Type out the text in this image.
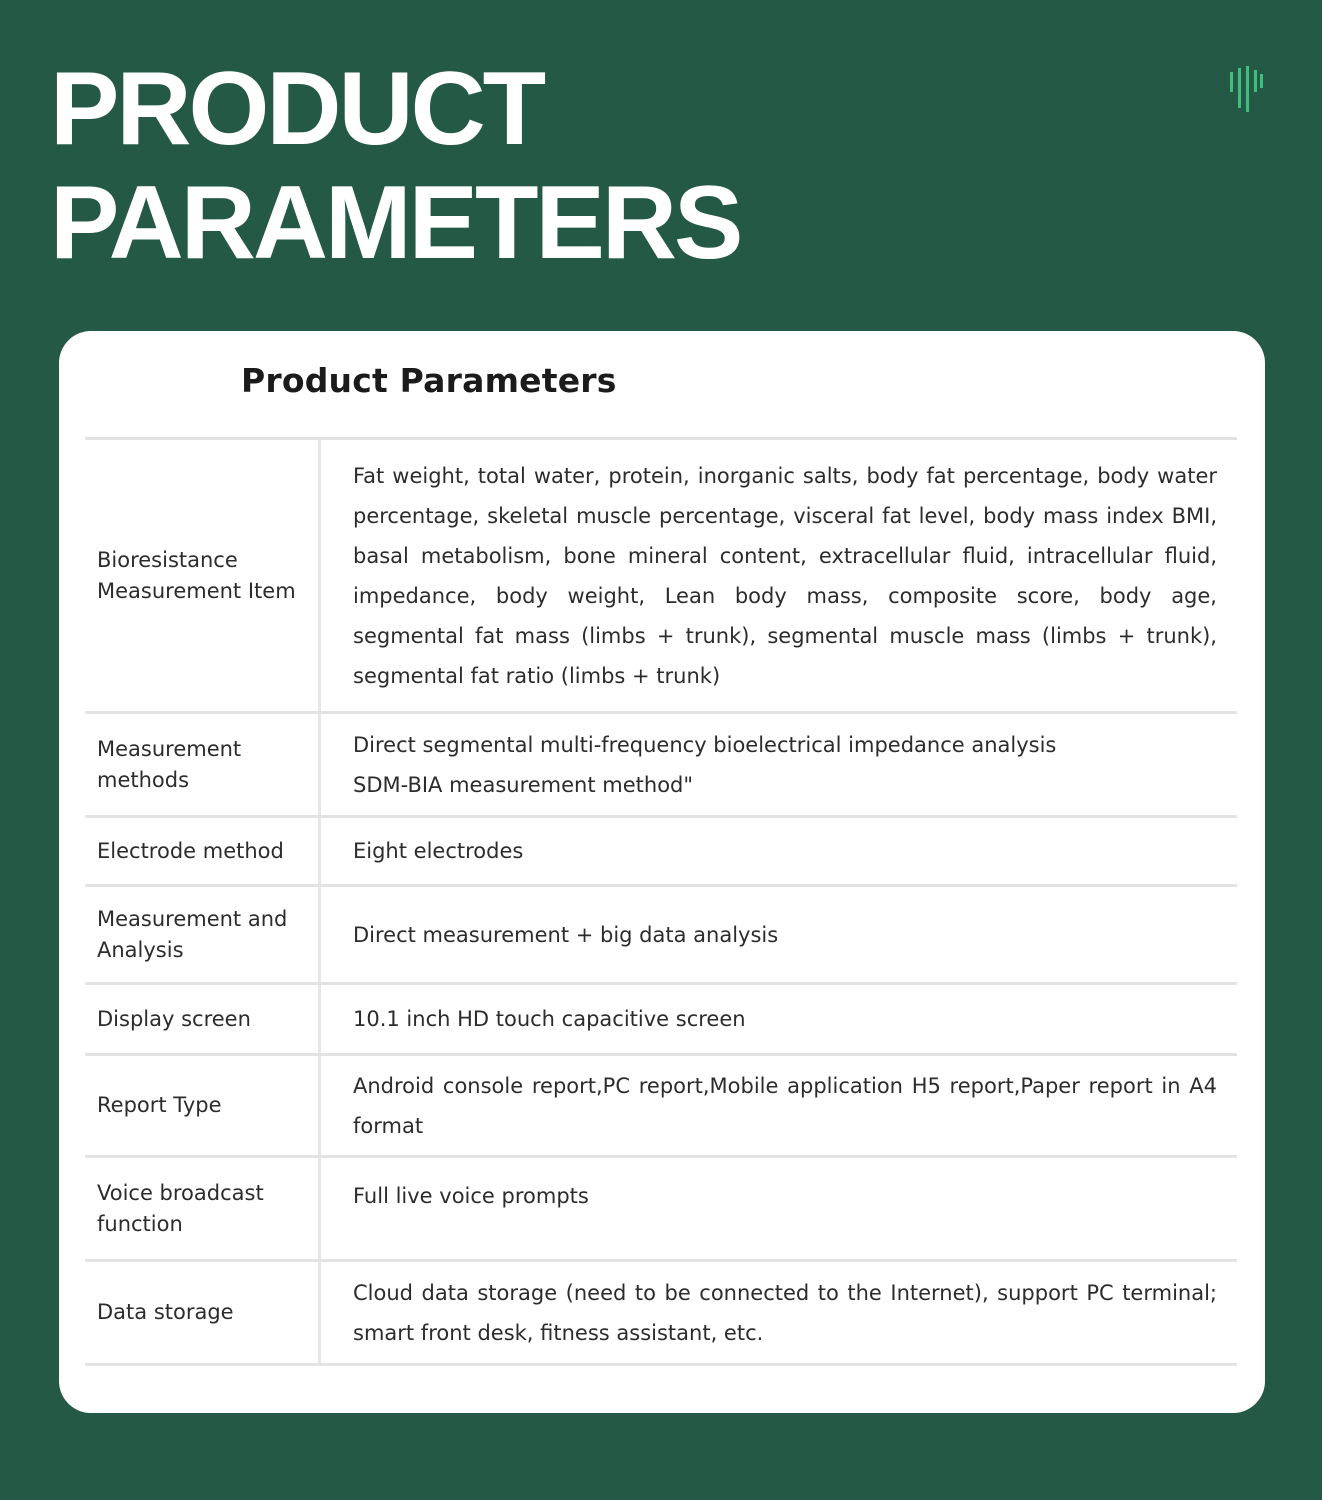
PRODUCT
PARAMETERS
Product Parameters
Bioresistance Measurement Item

Fat weight, total water, protein, inorganic salts, body fat percentage, body water percentage, skeletal muscle percentage, visceral fat level, body mass index BMI, basal metabolism, bone mineral content, extracellular fluid, intracellular fluid, impedance, body weight, Lean body mass, composite score, body age, segmental fat mass (limbs + trunk), segmental muscle mass (limbs + trunk), segmental fat ratio (limbs + trunk)

Measurement methods

Direct segmental multi-frequency bioelectrical impedance analysis
SDM-BIA measurement method"

Electrode method	Eight electrodes

Measurement and Analysis

Direct measurement + big data analysis

Display screen	10.1 inch HD touch capacitive screen

Report Type

Android console report,PC report,Mobile application H5 report,Paper report in A4 format

Voice broadcast function

Full live voice prompts

Data storage

Cloud data storage (need to be connected to the Internet), support PC terminal;            smart front desk, fitness assistant, etc.
